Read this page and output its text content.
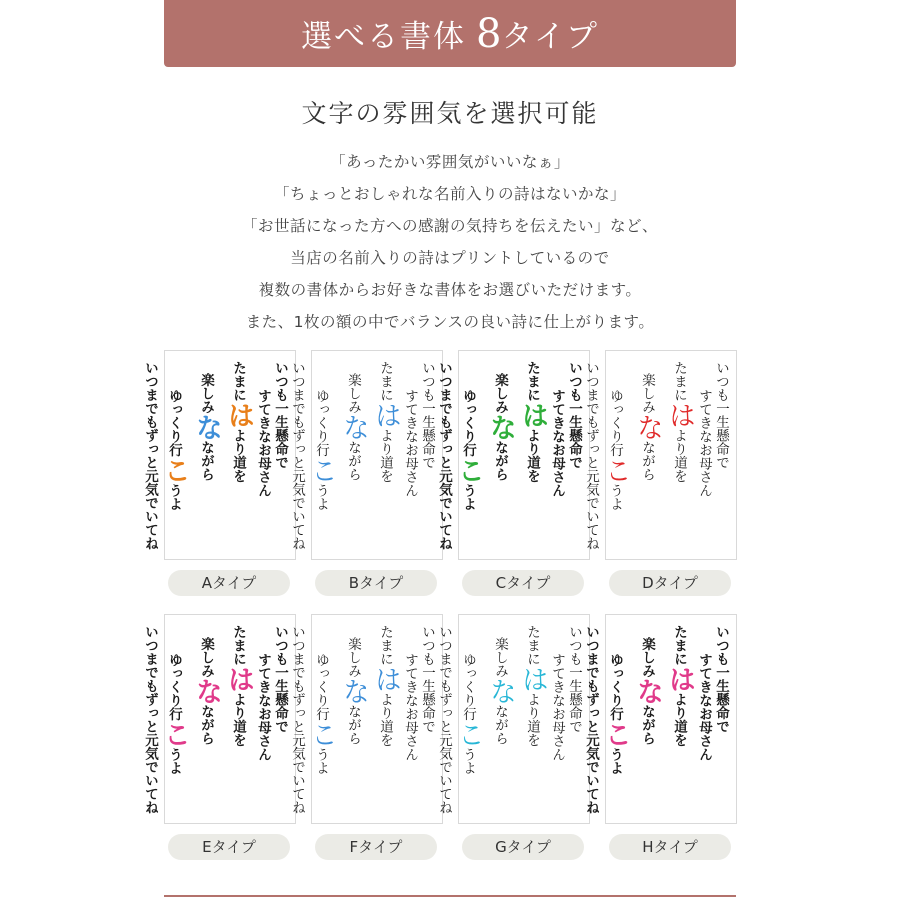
選べる書体 8 タイプ
文字の雰囲気を選択可能
「あったかい雰囲気がいいなぁ」
「ちょっとおしゃれな名前入りの詩はないかな」
「お世話になった方への感謝の気持ちを伝えたい」など、
当店の名前入りの詩はプリントしているので
複数の書体からお好きな書体をお選びいただけます。
また、1枚の額の中でバランスの良い詩に仕上がります。
いつも一生懸命で
すてきなお母さん
たまにはより道を
楽しみなながら
ゆっくり行こうよ
いつまでもずっと元気でいてね
Aタイプ
いつも一生懸命で
すてきなお母さん
たまにはより道を
楽しみなながら
ゆっくり行こうよ
いつまでもずっと元気でいてね
Bタイプ
いつも一生懸命で
すてきなお母さん
たまにはより道を
楽しみなながら
ゆっくり行こうよ
いつまでもずっと元気でいてね
Cタイプ
いつも一生懸命で
すてきなお母さん
たまにはより道を
楽しみなながら
ゆっくり行こうよ
いつまでもずっと元気でいてね
Dタイプ
いつも一生懸命で
すてきなお母さん
たまにはより道を
楽しみなながら
ゆっくり行こうよ
いつまでもずっと元気でいてね
Eタイプ
いつも一生懸命で
すてきなお母さん
たまにはより道を
楽しみなながら
ゆっくり行こうよ
いつまでもずっと元気でいてね
Fタイプ
いつも一生懸命で
すてきなお母さん
たまにはより道を
楽しみなながら
ゆっくり行こうよ
いつまでもずっと元気でいてね
Gタイプ
いつも一生懸命で
すてきなお母さん
たまにはより道を
楽しみなながら
ゆっくり行こうよ
いつまでもずっと元気でいてね
Hタイプ
